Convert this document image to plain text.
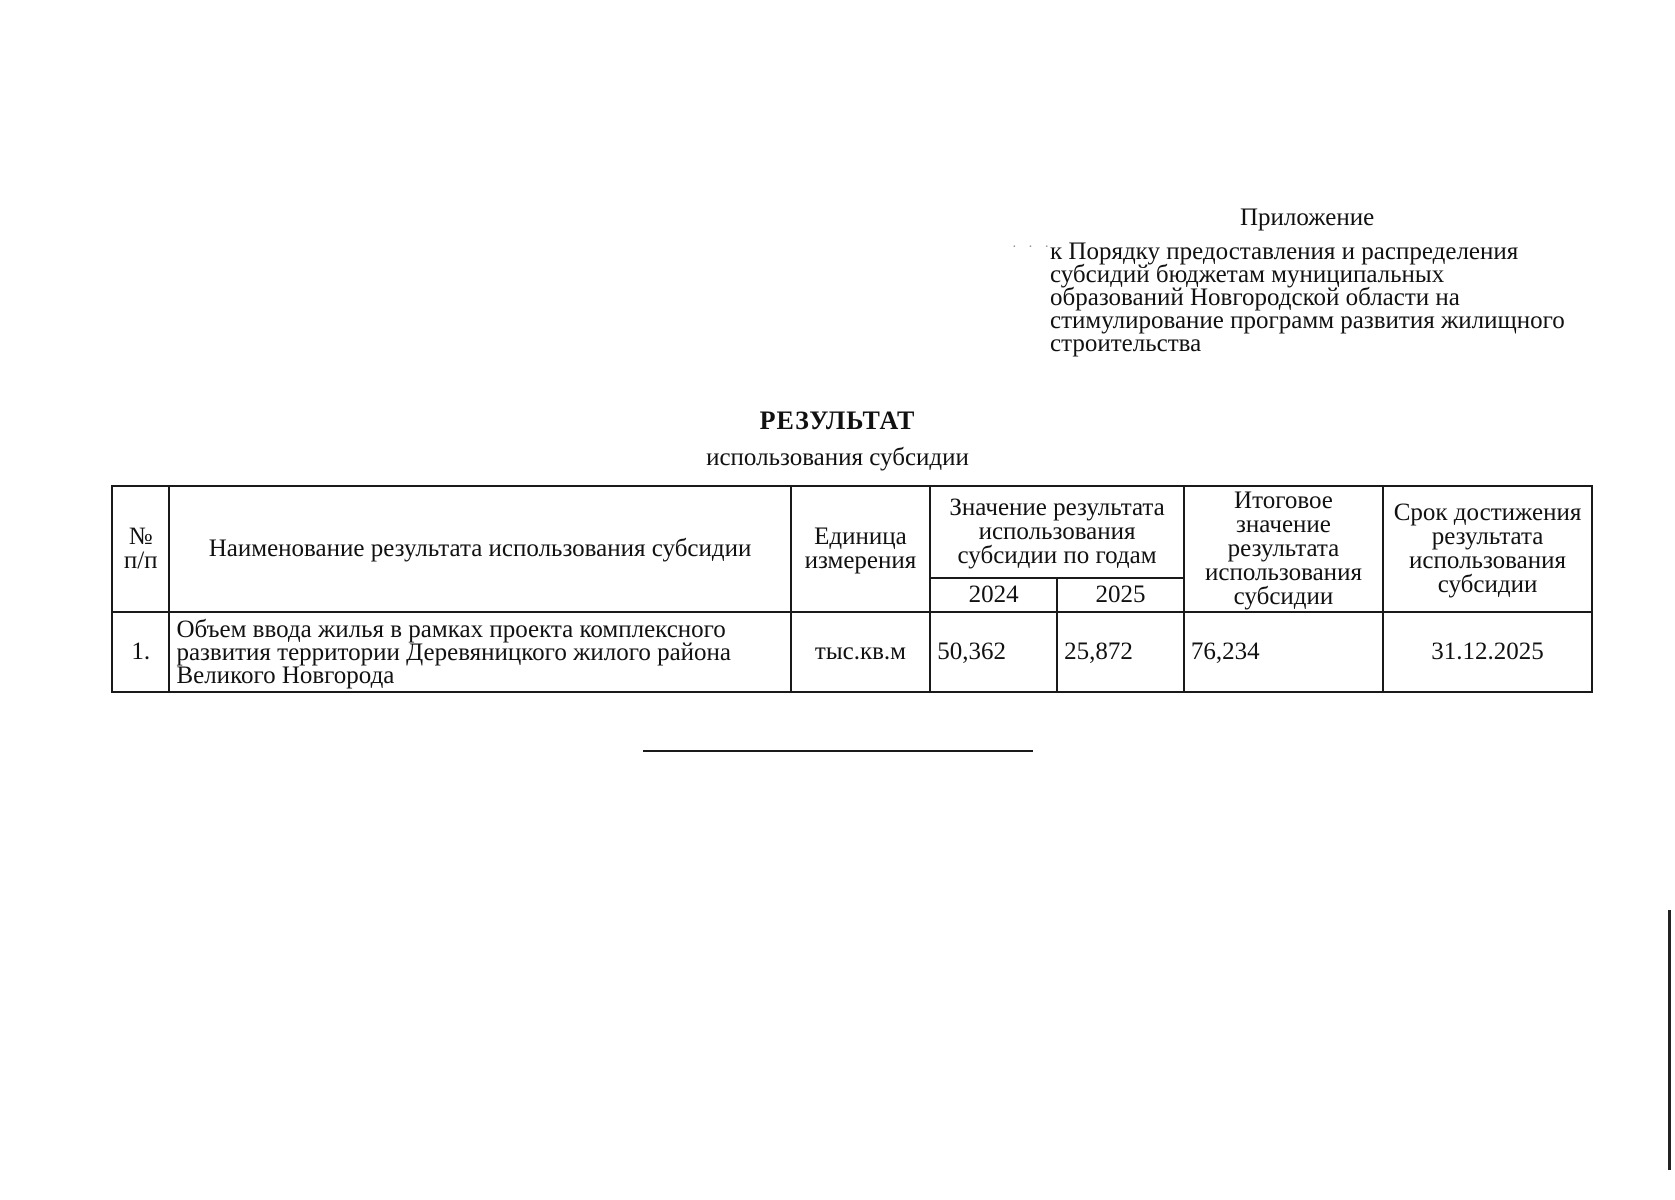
· · ·
Приложение

к Порядку предоставления и распределения субсидий бюджетам муниципальных образований Новгородской области на стимулирование программ развития жилищного строительства

РЕЗУЛЬТАТ

использования субсидии

№ п/п	Наименование результата использования субсидии	Единица измерения	Значение результата использования субсидии по годам		Итоговое значение результата использования субсидии	Срок достижения результата использования субсидии
			2024	2025		
1.	Объем ввода жилья в рамках проекта комплексного развития территории Деревяницкого жилого района Великого Новгорода	тыс.кв.м	50,362	25,872	76,234	31.12.2025
